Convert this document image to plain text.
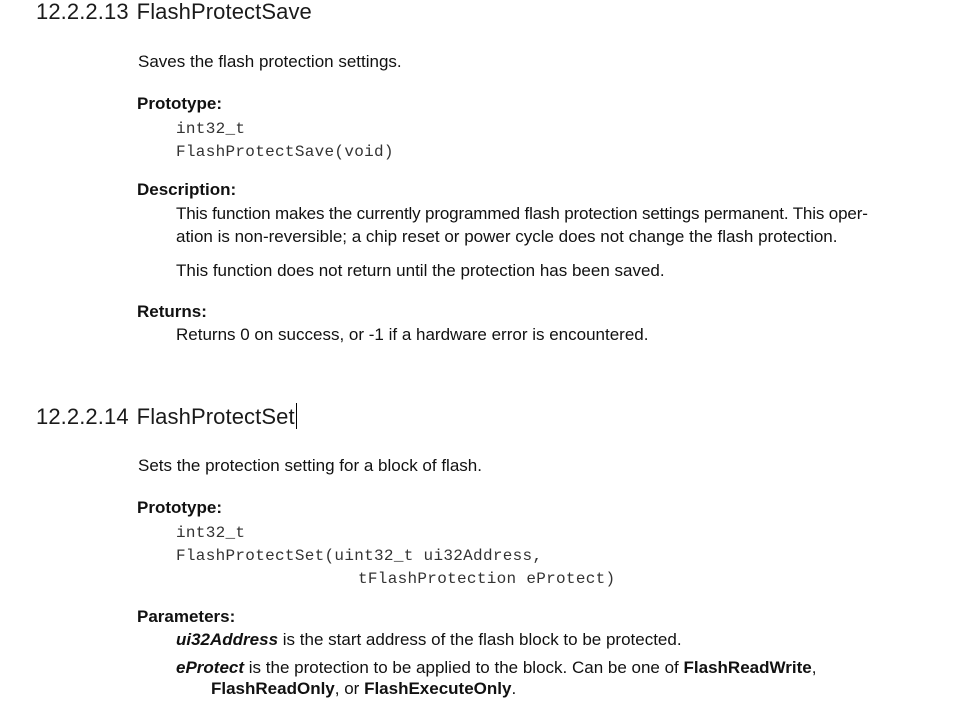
12.2.2.13 FlashProtectSave
Saves the flash protection settings.
Prototype:
int32_t
FlashProtectSave(void)
Description:
This function makes the currently programmed flash protection settings permanent. This oper-
ation is non-reversible; a chip reset or power cycle does not change the flash protection.
This function does not return until the protection has been saved.
Returns:
Returns 0 on success, or -1 if a hardware error is encountered.
12.2.2.14 FlashProtectSet
Sets the protection setting for a block of flash.
Prototype:
int32_t
FlashProtectSet(uint32_t ui32Address,
tFlashProtection eProtect)
Parameters:
ui32Address is the start address of the flash block to be protected.
eProtect is the protection to be applied to the block. Can be one of FlashReadWrite,
FlashReadOnly, or FlashExecuteOnly.
